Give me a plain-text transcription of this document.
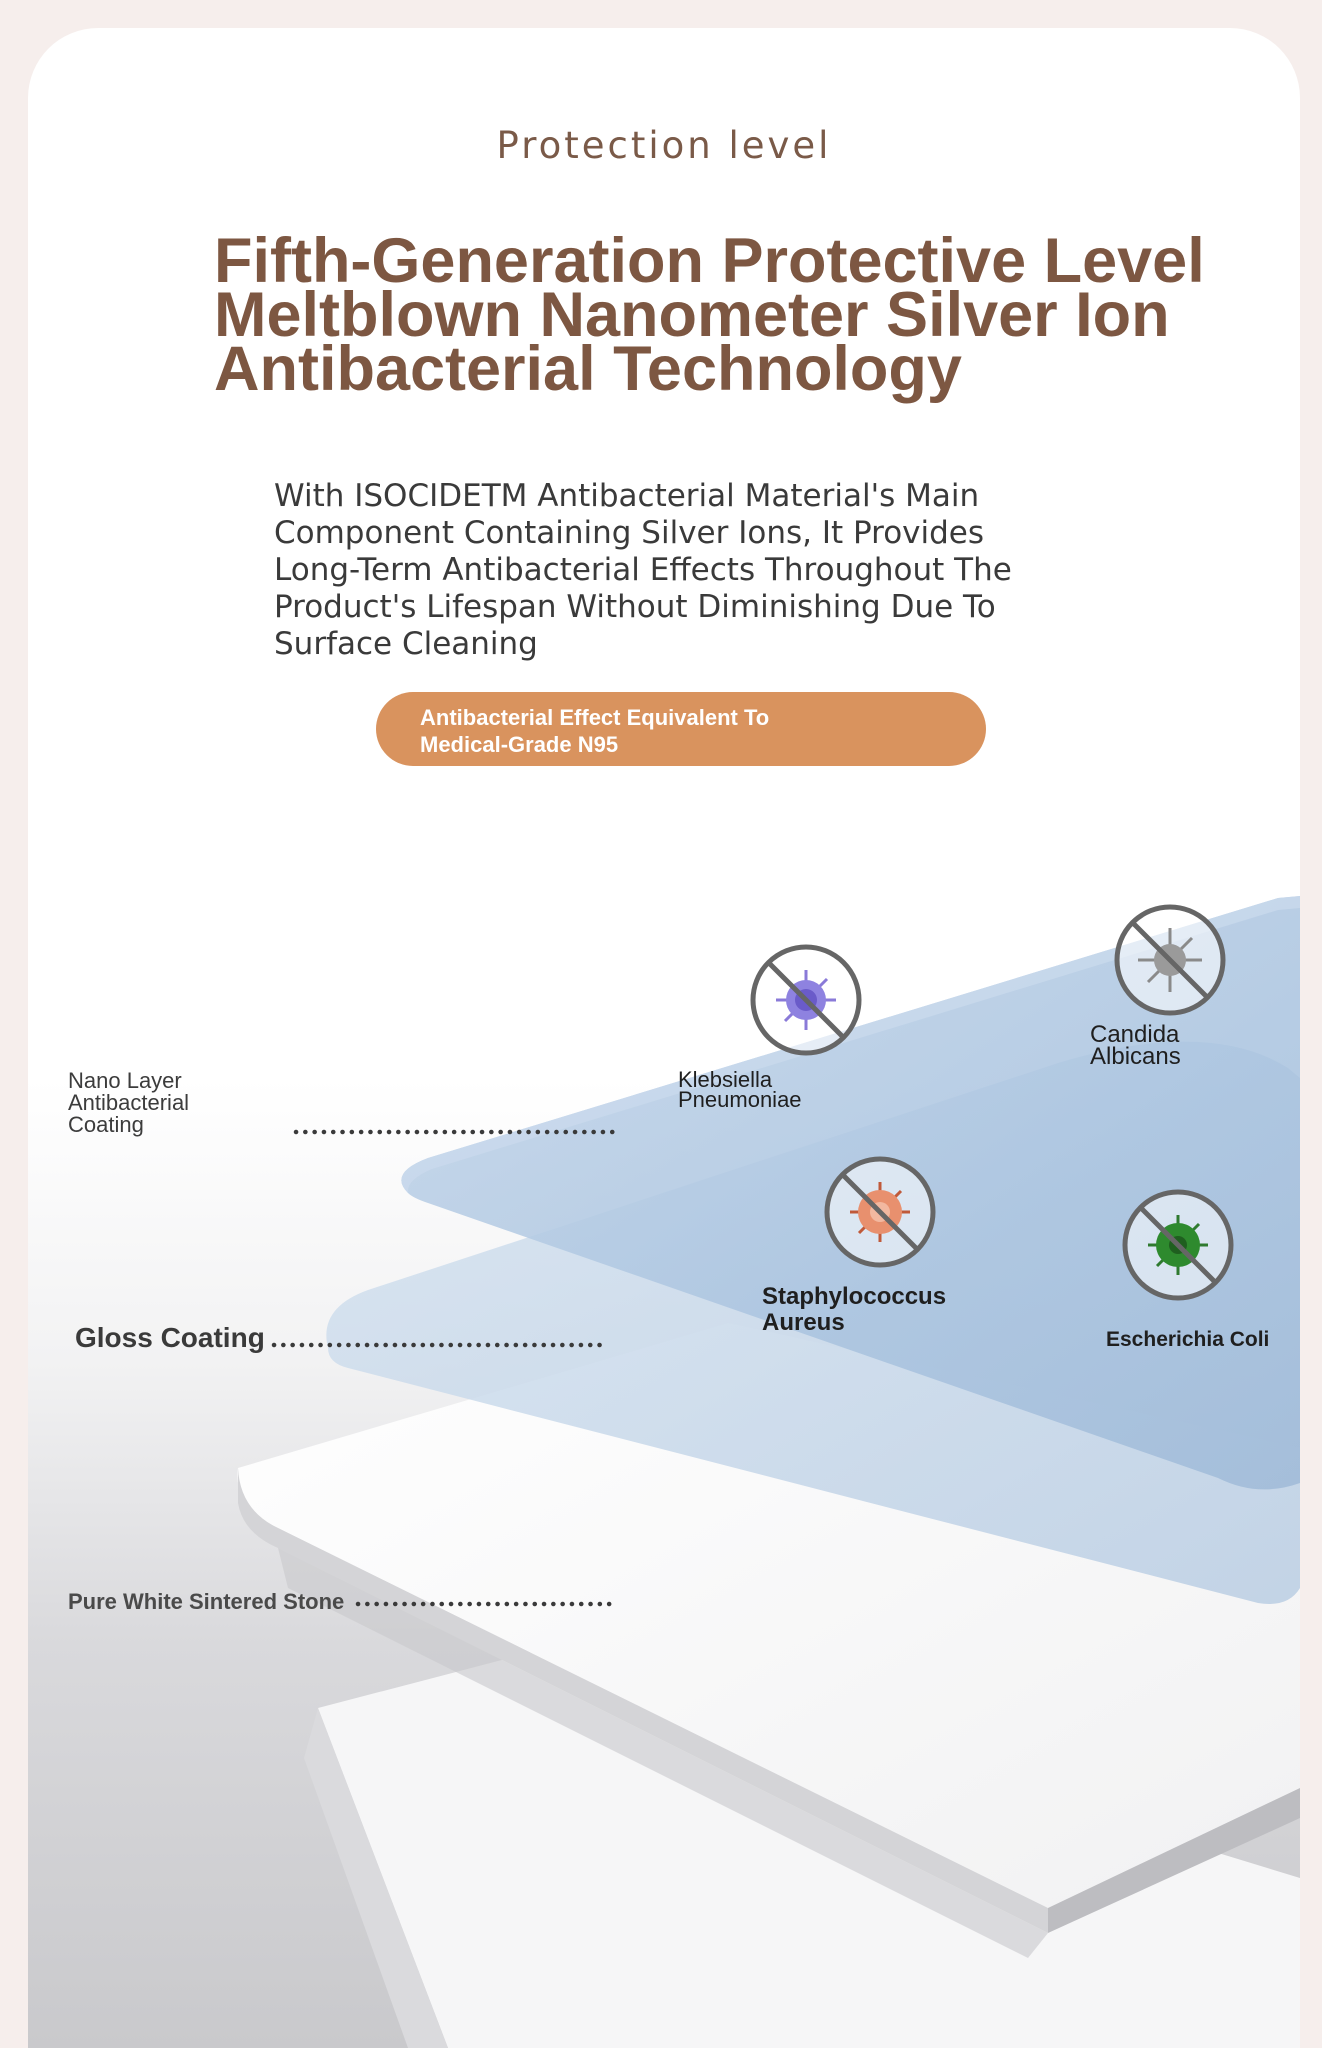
Protection level
Fifth-Generation Protective Level
Meltblown Nanometer Silver Ion
Antibacterial Technology
With ISOCIDETM Antibacterial Material's Main
Component Containing Silver Ions, It Provides
Long-Term Antibacterial Effects Throughout The
Product's Lifespan Without Diminishing Due To
Surface Cleaning
Antibacterial Effect Equivalent To
Medical-Grade N95
Nano Layer
Antibacterial
Coating
Gloss Coating
Pure White Sintered Stone
Klebsiella
Pneumoniae
Candida
Albicans
Staphylococcus
Aureus
Escherichia Coli
